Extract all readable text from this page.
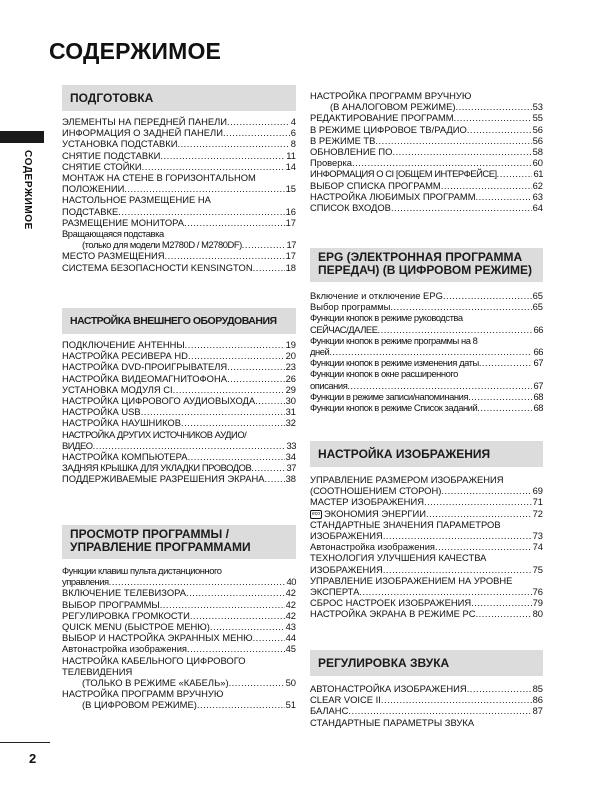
СОДЕРЖИМОЕ
СОДЕРЖИМОЕ
2
ПОДГОТОВКА
ЭЛЕМЕНТЫ НА ПЕРЕДНЕЙ ПАНЕЛИ .....	4
ИНФОРМАЦИЯ О ЗАДНЕЙ ПАНЕЛИ .....	6
УСТАНОВКА ПОДСТАВКИ .....	8
СНЯТИЕ ПОДСТАВКИ .....	11
СНЯТИЕ СТОЙКИ .....	14
МОНТАЖ НА СТЕНЕ В ГОРИЗОНТАЛЬНОМ
ПОЛОЖЕНИИ .....	15
НАСТОЛЬНОЕ РАЗМЕЩЕНИЕ НА
ПОДСТАВКЕ .....	16
РАЗМЕЩЕНИЕ МОНИТОРА .....	17
Вращающаяся подставка
(только для модели M2780D / M2780DF) .....	17
МЕСТО РАЗМЕЩЕНИЯ .....	17
СИСТЕМА БЕЗОПАСНОСТИ KENSINGTON .....	18
НАСТРОЙКА ВНЕШНЕГО ОБОРУДОВАНИЯ
ПОДКЛЮЧЕНИЕ АНТЕННЫ .....	19
НАСТРОЙКА РЕСИВЕРА HD .....	20
НАСТРОЙКА DVD-ПРОИГРЫВАТЕЛЯ .....	23
НАСТРОЙКА ВИДЕОМАГНИТОФОНА .....	26
УСТАНОВКА МОДУЛЯ CI .....	29
НАСТРОЙКА ЦИФРОВОГО АУДИОВЫХОДА .....	30
НАСТРОЙКА USB .....	31
НАСТРОЙКА НАУШНИКОВ .....	32
НАСТРОЙКА ДРУГИХ ИСТОЧНИКОВ АУДИО/
ВИДЕО .....	33
НАСТРОЙКА КОМПЬЮТЕРА .....	34
ЗАДНЯЯ КРЫШКА ДЛЯ УКЛАДКИ ПРОВОДОВ .....	37
ПОДДЕРЖИВАЕМЫЕ РАЗРЕШЕНИЯ ЭКРАНА ..... 38
ПРОСМОТР ПРОГРАММЫ / УПРАВЛЕНИЕ ПРОГРАММАМИ
Функции клавиш пульта дистанционного
управления .....	40
ВКЛЮЧЕНИЕ ТЕЛЕВИЗОРА .....	42
ВЫБОР ПРОГРАММЫ .....	42
РЕГУЛИРОВКА ГРОМКОСТИ .....	42
QUICK MENU (БЫСТРОЕ МЕНЮ) .....	43
ВЫБОР И НАСТРОЙКА ЭКРАННЫХ МЕНЮ .....	44
Автонастройка изображения .....	45
НАСТРОЙКА КАБЕЛЬНОГО ЦИФРОВОГО
ТЕЛЕВИДЕНИЯ
(ТОЛЬКО В РЕЖИМЕ «КАБЕЛЬ») .....	50
НАСТРОЙКА ПРОГРАММ ВРУЧНУЮ
(В ЦИФРОВОМ РЕЖИМЕ) .....	51
НАСТРОЙКА ПРОГРАММ ВРУЧНУЮ
(В АНАЛОГОВОМ РЕЖИМЕ) .....	53
РЕДАКТИРОВАНИЕ ПРОГРАММ .....	55
В РЕЖИМЕ ЦИФРОВОЕ ТВ/РАДИО .....	56
В РЕЖИМЕ ТВ .....	56
ОБНОВЛЕНИЕ ПО .....	58
Проверка .....	60
ИНФОРМАЦИЯ О CI [ОБЩЕМ ИНТЕРФЕЙСЕ] .....	61
ВЫБОР СПИСКА ПРОГРАММ .....	62
НАСТРОЙКА ЛЮБИМЫХ ПРОГРАММ .....	63
СПИСОК ВХОДОВ .....	64
EPG (ЭЛЕКТРОННАЯ ПРОГРАММА ПЕРЕДАЧ) (В ЦИФРОВОМ РЕЖИМЕ)
Включение и отключение EPG .....	65
Выбор программы .....	65
Функции кнопок в режиме руководства
СЕЙЧАС/ДАЛЕЕ .....	66
Функции кнопок в режиме программы на 8
дней .....	66
Функции кнопок в режиме изменения даты .....	67
Функции кнопок в окне расширенного
описания .....	67
Функции в режиме записи/напоминания .....	68
Функции кнопок в режиме Список заданий .....	68
НАСТРОЙКА ИЗОБРАЖЕНИЯ
УПРАВЛЕНИЕ РАЗМЕРОМ ИЗОБРАЖЕНИЯ
(СООТНОШЕНИЕМ СТОРОН) .....	69
МАСТЕР ИЗОБРАЖЕНИЯ .....	71
eco ЭКОНОМИЯ ЭНЕРГИИ .....	72
СТАНДАРТНЫЕ ЗНАЧЕНИЯ ПАРАМЕТРОВ
ИЗОБРАЖЕНИЯ .....	73
Автонастройка изображения .....	74
ТЕХНОЛОГИЯ УЛУЧШЕНИЯ КАЧЕСТВА
ИЗОБРАЖЕНИЯ .....	75
УПРАВЛЕНИЕ ИЗОБРАЖЕНИЕМ НА УРОВНЕ
ЭКСПЕРТА .....	76
СБРОС НАСТРОЕК ИЗОБРАЖЕНИЯ .....	79
НАСТРОЙКА ЭКРАНА В РЕЖИМЕ PC .....	80
РЕГУЛИРОВКА ЗВУКА
АВТОНАСТРОЙКА ИЗОБРАЖЕНИЯ .....	85
CLEAR VOICE II .....	86
БАЛАНС .....	87
СТАНДАРТНЫЕ ПАРАМЕТРЫ ЗВУКА
